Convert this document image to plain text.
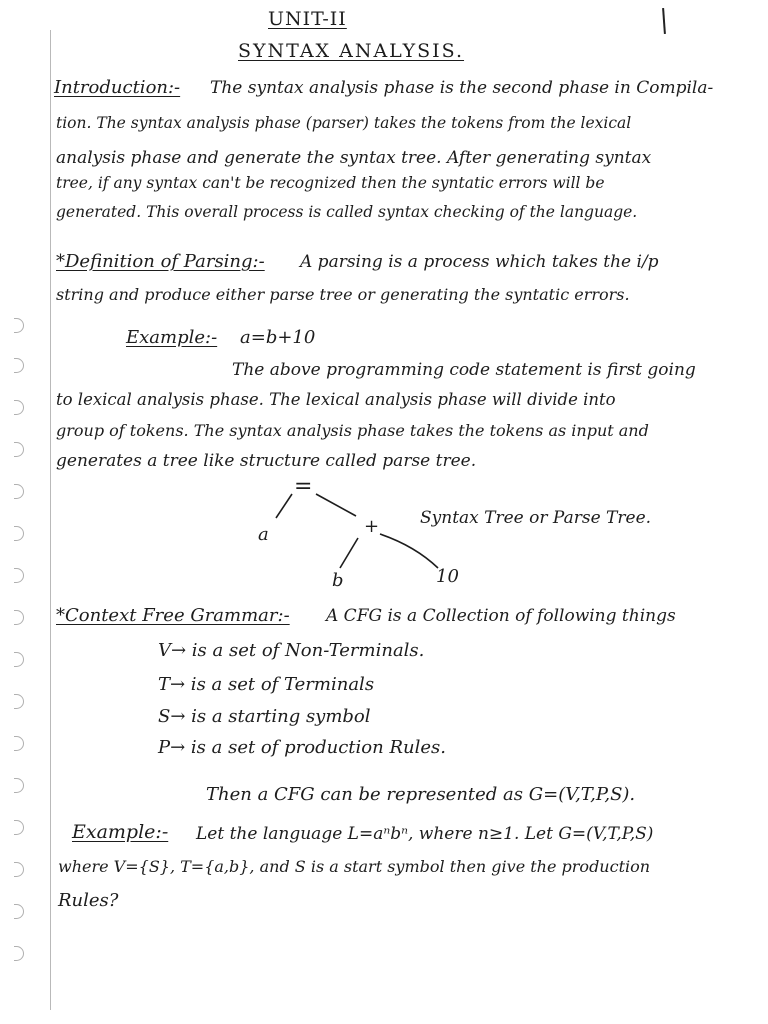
UNIT-II
SYNTAX ANALYSIS.
Introduction:- The syntax analysis phase is the second phase in Compila-
tion. The syntax analysis phase (parser) takes the tokens from the lexical
analysis phase and generate the syntax tree. After generating syntax
tree, if any syntax can't be recognized then the syntatic errors will be
generated. This overall process is called syntax checking of the language.
*Definition of Parsing:- A parsing is a process which takes the i/p
string and produce either parse tree or generating the syntatic errors.
Example:- a=b+10
The above programming code statement is first going
to lexical analysis phase. The lexical analysis phase will divide into
group of tokens. The syntax analysis phase takes the tokens as input and
generates a tree like structure called parse tree.
=
a	+
b	10
Syntax Tree or Parse Tree.
*Context Free Grammar:- A CFG is a Collection of following things
V→ is a set of Non-Terminals.
T→ is a set of Terminals
S→ is a starting symbol
P→ is a set of production Rules.
Then a CFG can be represented as G=(V,T,P,S).
Example:- Let the language L=aⁿbⁿ, where n≥1. Let G=(V,T,P,S)
where V={S}, T={a,b}, and S is a start symbol then give the production
Rules?
